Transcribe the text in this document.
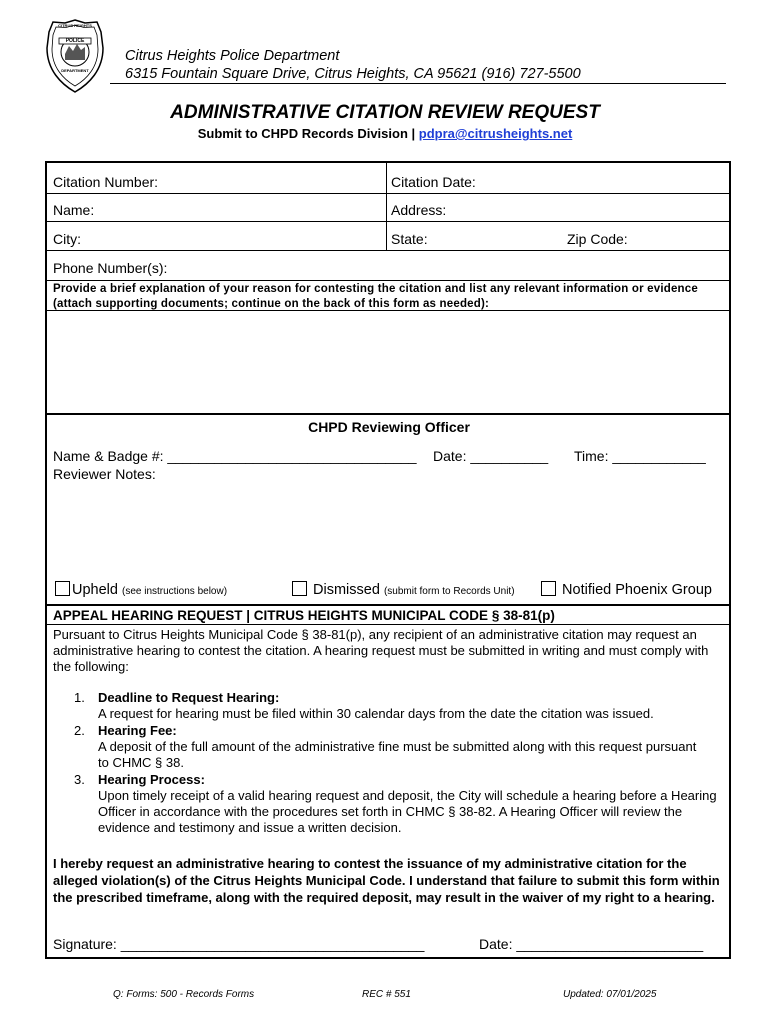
CITRUS HEIGHTS
POLICE
DEPARTMENT
Citrus Heights Police Department
6315 Fountain Square Drive, Citrus Heights, CA 95621 (916) 727-5500
ADMINISTRATIVE CITATION REVIEW REQUEST
Submit to CHPD Records Division | pdpra@citrusheights.net
Citation Number:	Citation Date:
Name:	Address:
City:	State:	Zip Code:
Phone Number(s):
Provide a brief explanation of your reason for contesting the citation and list any relevant information or evidence (attach supporting documents; continue on the back of this form as needed):
CHPD Reviewing Officer
Name & Badge #: ________________________________ Date: __________ Time: ____________
Reviewer Notes:
Upheld (see instructions below)	Dismissed (submit form to Records Unit)	Notified Phoenix Group
APPEAL HEARING REQUEST | CITRUS HEIGHTS MUNICIPAL CODE § 38-81(p)
Pursuant to Citrus Heights Municipal Code § 38-81(p), any recipient of an administrative citation may request an administrative hearing to contest the citation. A hearing request must be submitted in writing and must comply with the following:
1.	Deadline to Request Hearing:
A request for hearing must be filed within 30 calendar days from the date the citation was issued.
2.	Hearing Fee:
A deposit of the full amount of the administrative fine must be submitted along with this request pursuant to CHMC § 38.
3.	Hearing Process:
Upon timely receipt of a valid hearing request and deposit, the City will schedule a hearing before a Hearing Officer in accordance with the procedures set forth in CHMC § 38-82. A Hearing Officer will review the evidence and testimony and issue a written decision.
I hereby request an administrative hearing to contest the issuance of my administrative citation for the alleged violation(s) of the Citrus Heights Municipal Code. I understand that failure to submit this form within the prescribed timeframe, along with the required deposit, may result in the waiver of my right to a hearing.
Signature: _______________________________________	Date: ________________________
Q: Forms: 500 - Records Forms	REC # 551	Updated: 07/01/2025
